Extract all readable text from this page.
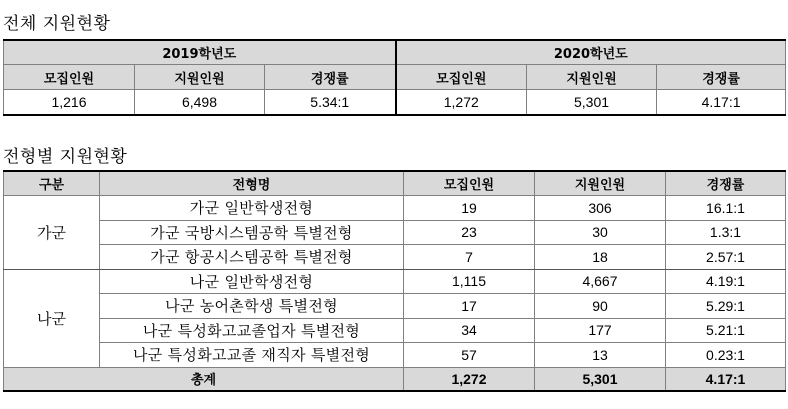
전체 지원현황
2019학년도			2020학년도		
모집인원	지원인원	경쟁률	모집인원	지원인원	경쟁률
1,216	6,498	5.34:1	1,272	5,301	4.17:1
전형별 지원현황
구분	전형명	모집인원	지원인원	경쟁률
가군	가군 일반학생전형	19	306	16.1:1
	가군 국방시스템공학 특별전형	23	30	1.3:1
	가군 항공시스템공학 특별전형	7	18	2.57:1
나군	나군 일반학생전형	1,115	4,667	4.19:1
	나군 농어촌학생 특별전형	17	90	5.29:1
	나군 특성화고교졸업자 특별전형	34	177	5.21:1
	나군 특성화고교졸 재직자 특별전형	57	13	0.23:1
총계		1,272	5,301	4.17:1
